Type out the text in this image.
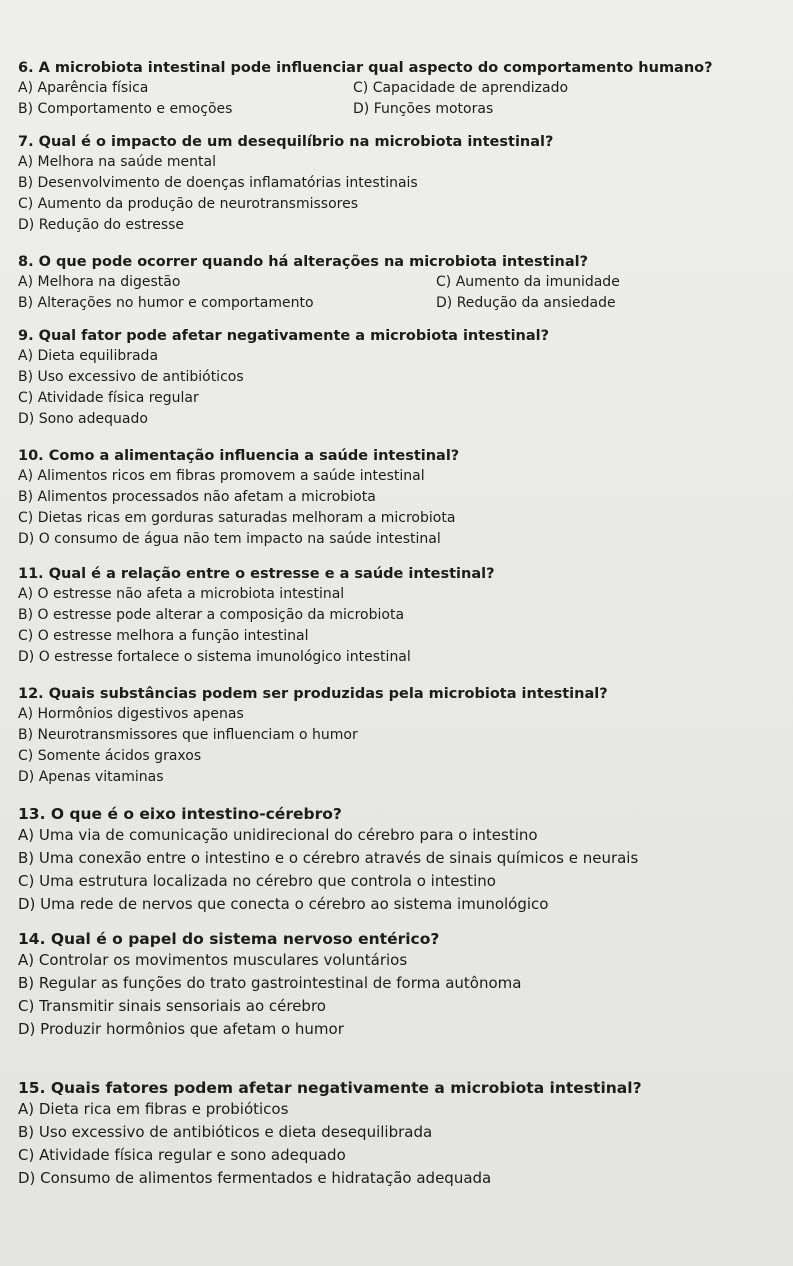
6. A microbiota intestinal pode influenciar qual aspecto do comportamento humano?
A) Aparência física	C) Capacidade de aprendizado
B) Comportamento e emoções	D) Funções motoras
7. Qual é o impacto de um desequilíbrio na microbiota intestinal?
A) Melhora na saúde mental
B) Desenvolvimento de doenças inflamatórias intestinais
C) Aumento da produção de neurotransmissores
D) Redução do estresse
8. O que pode ocorrer quando há alterações na microbiota intestinal?
A) Melhora na digestão	C) Aumento da imunidade
B) Alterações no humor e comportamento	D) Redução da ansiedade
9. Qual fator pode afetar negativamente a microbiota intestinal?
A) Dieta equilibrada
B) Uso excessivo de antibióticos
C) Atividade física regular
D) Sono adequado
10. Como a alimentação influencia a saúde intestinal?
A) Alimentos ricos em fibras promovem a saúde intestinal
B) Alimentos processados não afetam a microbiota
C) Dietas ricas em gorduras saturadas melhoram a microbiota
D) O consumo de água não tem impacto na saúde intestinal
11. Qual é a relação entre o estresse e a saúde intestinal?
A) O estresse não afeta a microbiota intestinal
B) O estresse pode alterar a composição da microbiota
C) O estresse melhora a função intestinal
D) O estresse fortalece o sistema imunológico intestinal
12. Quais substâncias podem ser produzidas pela microbiota intestinal?
A) Hormônios digestivos apenas
B) Neurotransmissores que influenciam o humor
C) Somente ácidos graxos
D) Apenas vitaminas
13. O que é o eixo intestino-cérebro?
A) Uma via de comunicação unidirecional do cérebro para o intestino
B) Uma conexão entre o intestino e o cérebro através de sinais químicos e neurais
C) Uma estrutura localizada no cérebro que controla o intestino
D) Uma rede de nervos que conecta o cérebro ao sistema imunológico
14. Qual é o papel do sistema nervoso entérico?
A) Controlar os movimentos musculares voluntários
B) Regular as funções do trato gastrointestinal de forma autônoma
C) Transmitir sinais sensoriais ao cérebro
D) Produzir hormônios que afetam o humor
15. Quais fatores podem afetar negativamente a microbiota intestinal?
A) Dieta rica em fibras e probióticos
B) Uso excessivo de antibióticos e dieta desequilibrada
C) Atividade física regular e sono adequado
D) Consumo de alimentos fermentados e hidratação adequada
